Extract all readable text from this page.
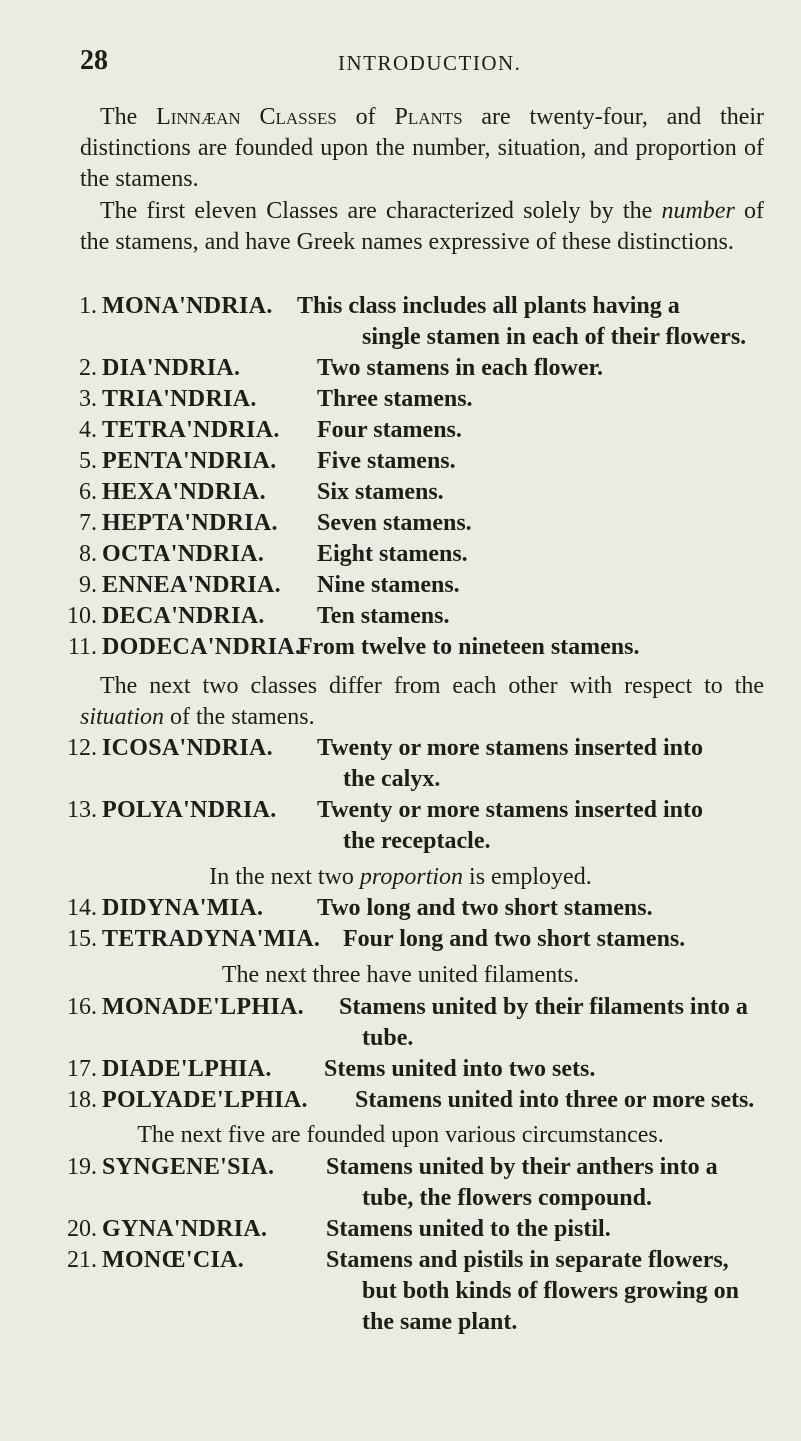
28	INTRODUCTION.

The Linnæan Classes of Plants are twenty-four, and their distinctions are founded upon the number, situation, and proportion of the stamens.

The first eleven Classes are characterized solely by the number of the stamens, and have Greek names expressive of these distinctions.

1. MONA'NDRIA. This class includes all plants having a
single stamen in each of their flowers.
2. DIA'NDRIA.	Two stamens in each flower.
3. TRIA'NDRIA.	Three stamens.
4. TETRA'NDRIA. Four stamens.
5. PENTA'NDRIA. Five stamens.
6. HEXA'NDRIA. Six stamens.
7. HEPTA'NDRIA. Seven stamens.
8. OCTA'NDRIA. Eight stamens.
9. ENNEA'NDRIA. Nine stamens.
10. DECA'NDRIA. Ten stamens.
11. DODECA'NDRIA.
From twelve to nineteen stamens.

The next two classes differ from each other with respect to the situation of the stamens.

12. ICOSA'NDRIA. Twenty or more stamens inserted into
the calyx.
13. POLYA'NDRIA. Twenty or more stamens inserted into
the receptacle.
In the next two proportion is employed.
14. DIDYNA'MIA. Two long and two short stamens.
15. TETRADYNA'MIA. Four long and two short stamens.
The next three have united filaments.
16. MONADE'LPHIA. Stamens united by their filaments into a
tube.
17. DIADE'LPHIA. Stems united into two sets.
18. POLYADE'LPHIA. Stamens united into three or more sets.
The next five are founded upon various circumstances.
19. SYNGENE'SIA. Stamens united by their anthers into a
tube, the flowers compound.
20. GYNA'NDRIA. Stamens united to the pistil.
21. MONŒ'CIA.	Stamens and pistils in separate flowers,
but both kinds of flowers growing on
the same plant.
